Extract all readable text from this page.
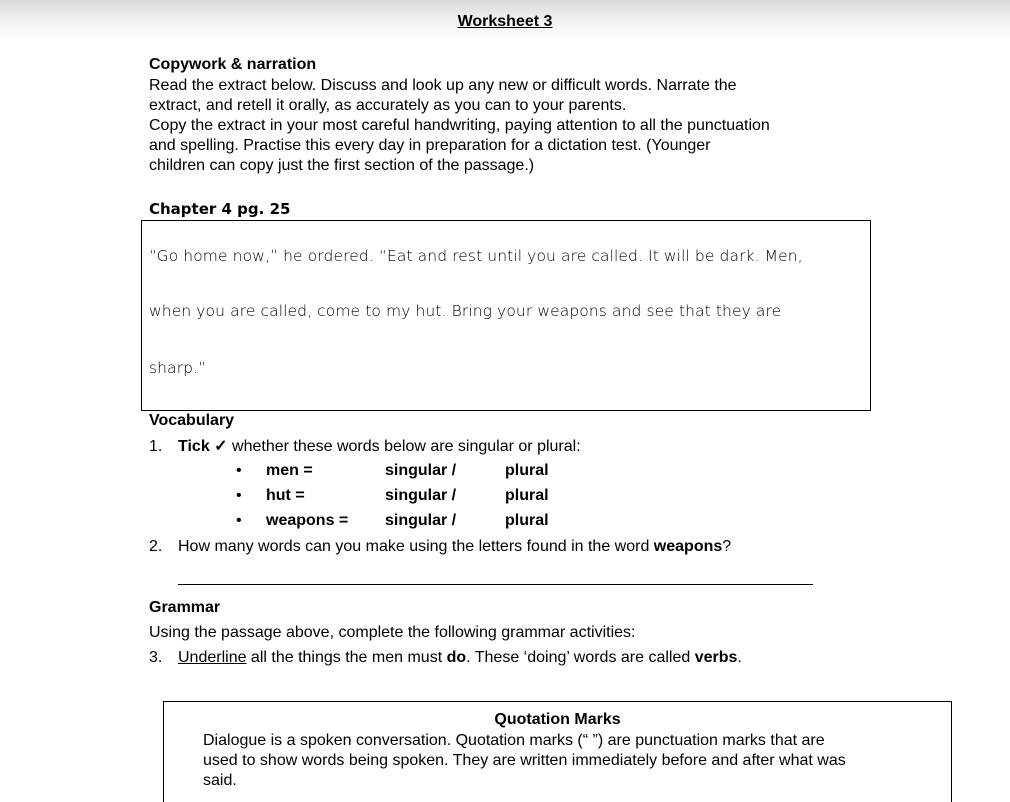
Worksheet 3
Copywork & narration
Read the extract below. Discuss and look up any new or difficult words. Narrate the
extract, and retell it orally, as accurately as you can to your parents.
Copy the extract in your most careful handwriting, paying attention to all the punctuation
and spelling. Practise this every day in preparation for a dictation test. (Younger
children can copy just the first section of the passage.)
Chapter 4 pg. 25
“Go home now,” he ordered. “Eat and rest until you are called. It will be dark. Men,
when you are called, come to my hut. Bring your weapons and see that they are
sharp.”
Vocabulary
1. Tick ✓ whether these words below are singular or plural:
• men =	singular /	plural
• hut =	singular /	plural
• weapons = singular /	plural
2. How many words can you make using the letters found in the word weapons?
Grammar
Using the passage above, complete the following grammar activities:
3. Underline all the things the men must do. These ‘doing’ words are called verbs.
Quotation Marks
Dialogue is a spoken conversation. Quotation marks (“ ”) are punctuation marks that are
used to show words being spoken. They are written immediately before and after what was
said.
